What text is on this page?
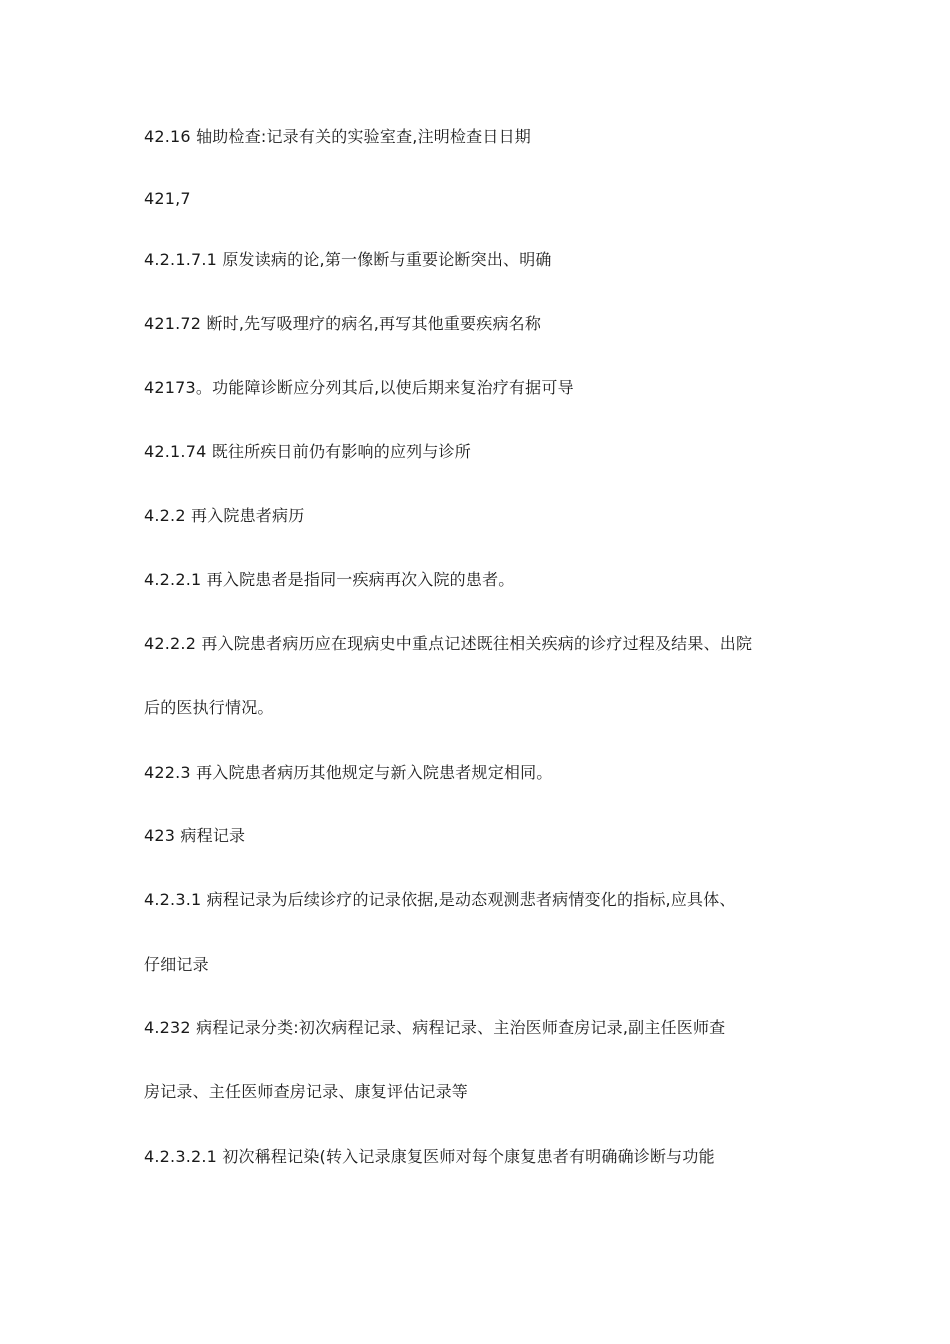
42.16 轴助检查:记录有关的实验室查,注明检查日日期
421,7
4.2.1.7.1 原发读病的论,第一像断与重要论断突出、明确
421.72 断时,先写吸理疗的病名,再写其他重要疾病名称
42173。功能障诊断应分列其后,以使后期来复治疗有据可导
42.1.74 既往所疾日前仍有影响的应列与诊所
4.2.2 再入院患者病历
4.2.2.1 再入院患者是指同一疾病再次入院的患者。
42.2.2 再入院患者病历应在现病史中重点记述既往相关疾病的诊疗过程及结果、出院
后的医执行情况。
422.3 再入院患者病历其他规定与新入院患者规定相同。
423 病程记录
4.2.3.1 病程记录为后续诊疗的记录依据,是动态观测悲者病情变化的指标,应具体、
仔细记录
4.232 病程记录分类:初次病程记录、病程记录、主治医师查房记录,副主任医师查
房记录、主任医师查房记录、康复评估记录等
4.2.3.2.1 初次稱程记染(转入记录康复医师对每个康复患者有明确确诊断与功能
